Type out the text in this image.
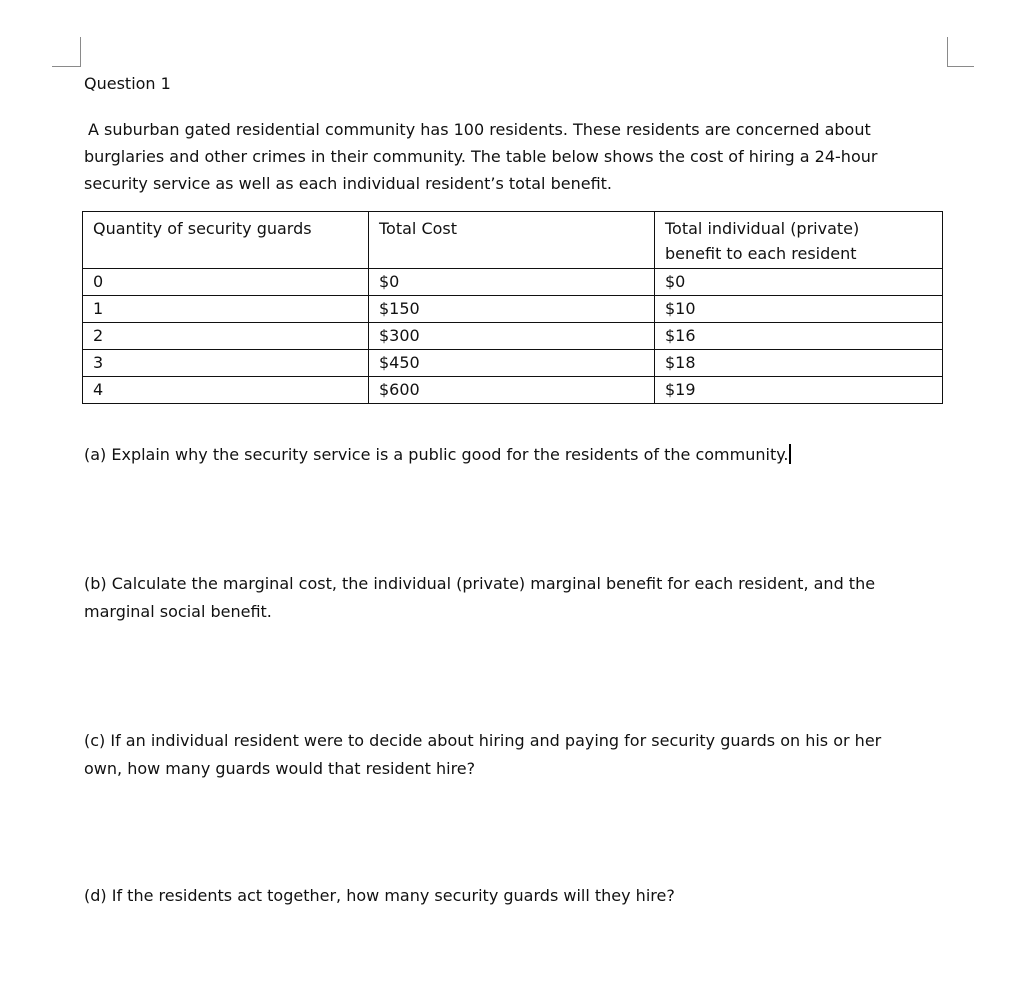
Question 1

A suburban gated residential community has 100 residents. These residents are concerned about
burglaries and other crimes in their community. The table below shows the cost of hiring a 24-hour
security service as well as each individual resident’s total benefit.

Quantity of security guards	Total Cost	Total individual (private)
benefit to each resident
0	$0	$0
1	$150	$10
2	$300	$16
3	$450	$18
4	$600	$19

(a) Explain why the security service is a public good for the residents of the community.

(b) Calculate the marginal cost, the individual (private) marginal benefit for each resident, and the
marginal social benefit.

(c) If an individual resident were to decide about hiring and paying for security guards on his or her
own, how many guards would that resident hire?

(d) If the residents act together, how many security guards will they hire?
